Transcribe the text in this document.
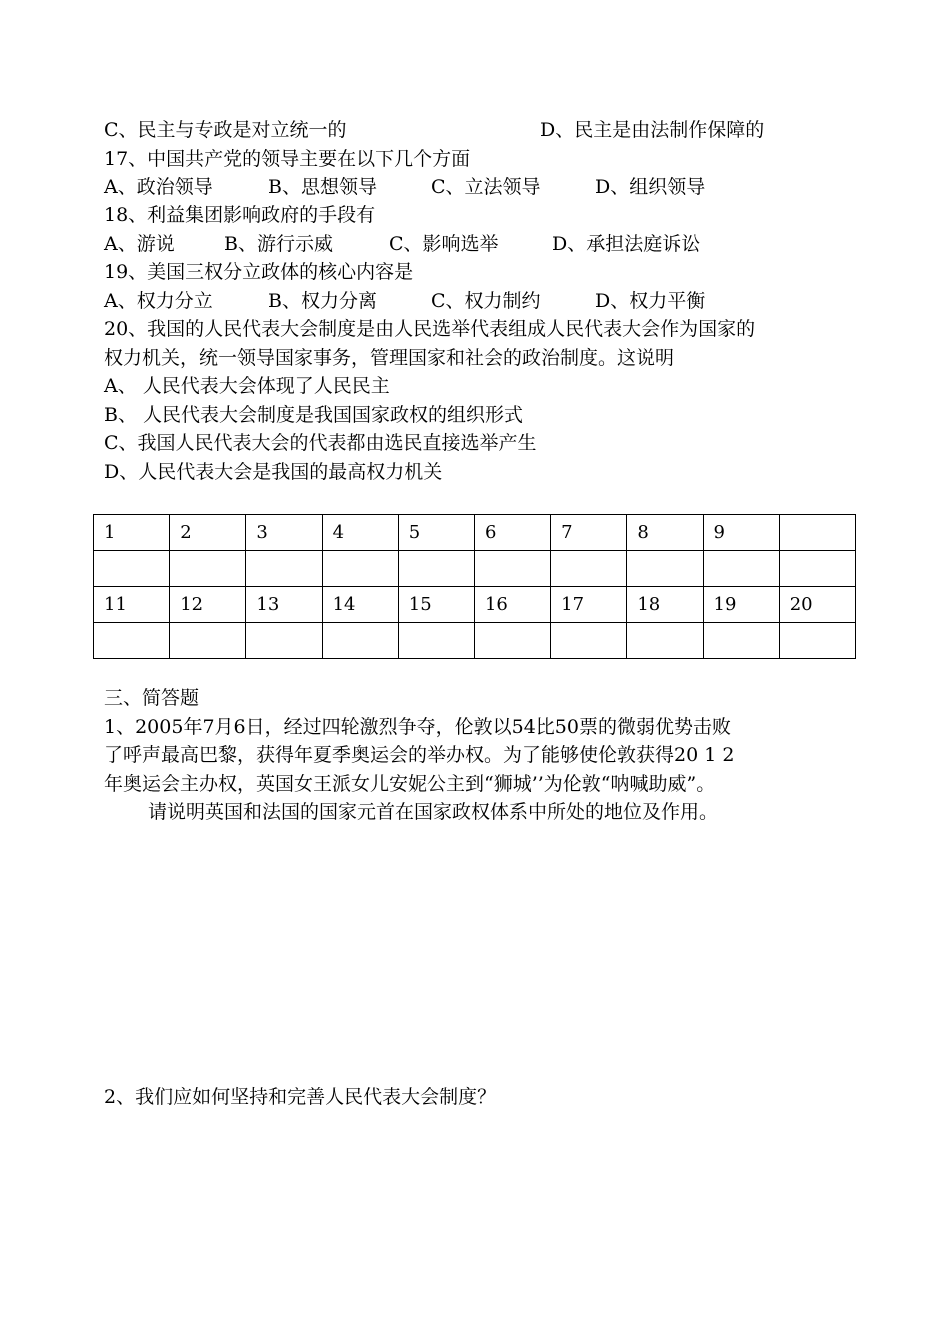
C、民主与专政是对立统一的	D、民主是由法制作保障的
17、中国共产党的领导主要在以下几个方面
A、政治领导	B、思想领导	C、立法领导	D、组织领导
18、利益集团影响政府的手段有
A、游说	B、游行示威	C、影响选举	D、承担法庭诉讼
19、美国三权分立政体的核心内容是
A、权力分立	B、权力分离	C、权力制约	D、权力平衡
20、我国的人民代表大会制度是由人民选举代表组成人民代表大会作为国家的
权力机关，统一领导国家事务，管理国家和社会的政治制度。这说明
A、 人民代表大会体现了人民民主
B、 人民代表大会制度是我国国家政权的组织形式
C、我国人民代表大会的代表都由选民直接选举产生
D、人民代表大会是我国的最高权力机关
1	2	3	4	5	6	7	8	9	

11	12	13	14	15	16	17	18	19	20

三、简答题
1、2005年7月6日，经过四轮激烈争夺，伦敦以54比50票的微弱优势击败
了呼声最高巴黎，获得年夏季奥运会的举办权。为了能够使伦敦获得20 1 2
年奥运会主办权，英国女王派女儿安妮公主到“狮城’’为伦敦“呐喊助威”。
请说明英国和法国的国家元首在国家政权体系中所处的地位及作用。
2、我们应如何坚持和完善人民代表大会制度？
